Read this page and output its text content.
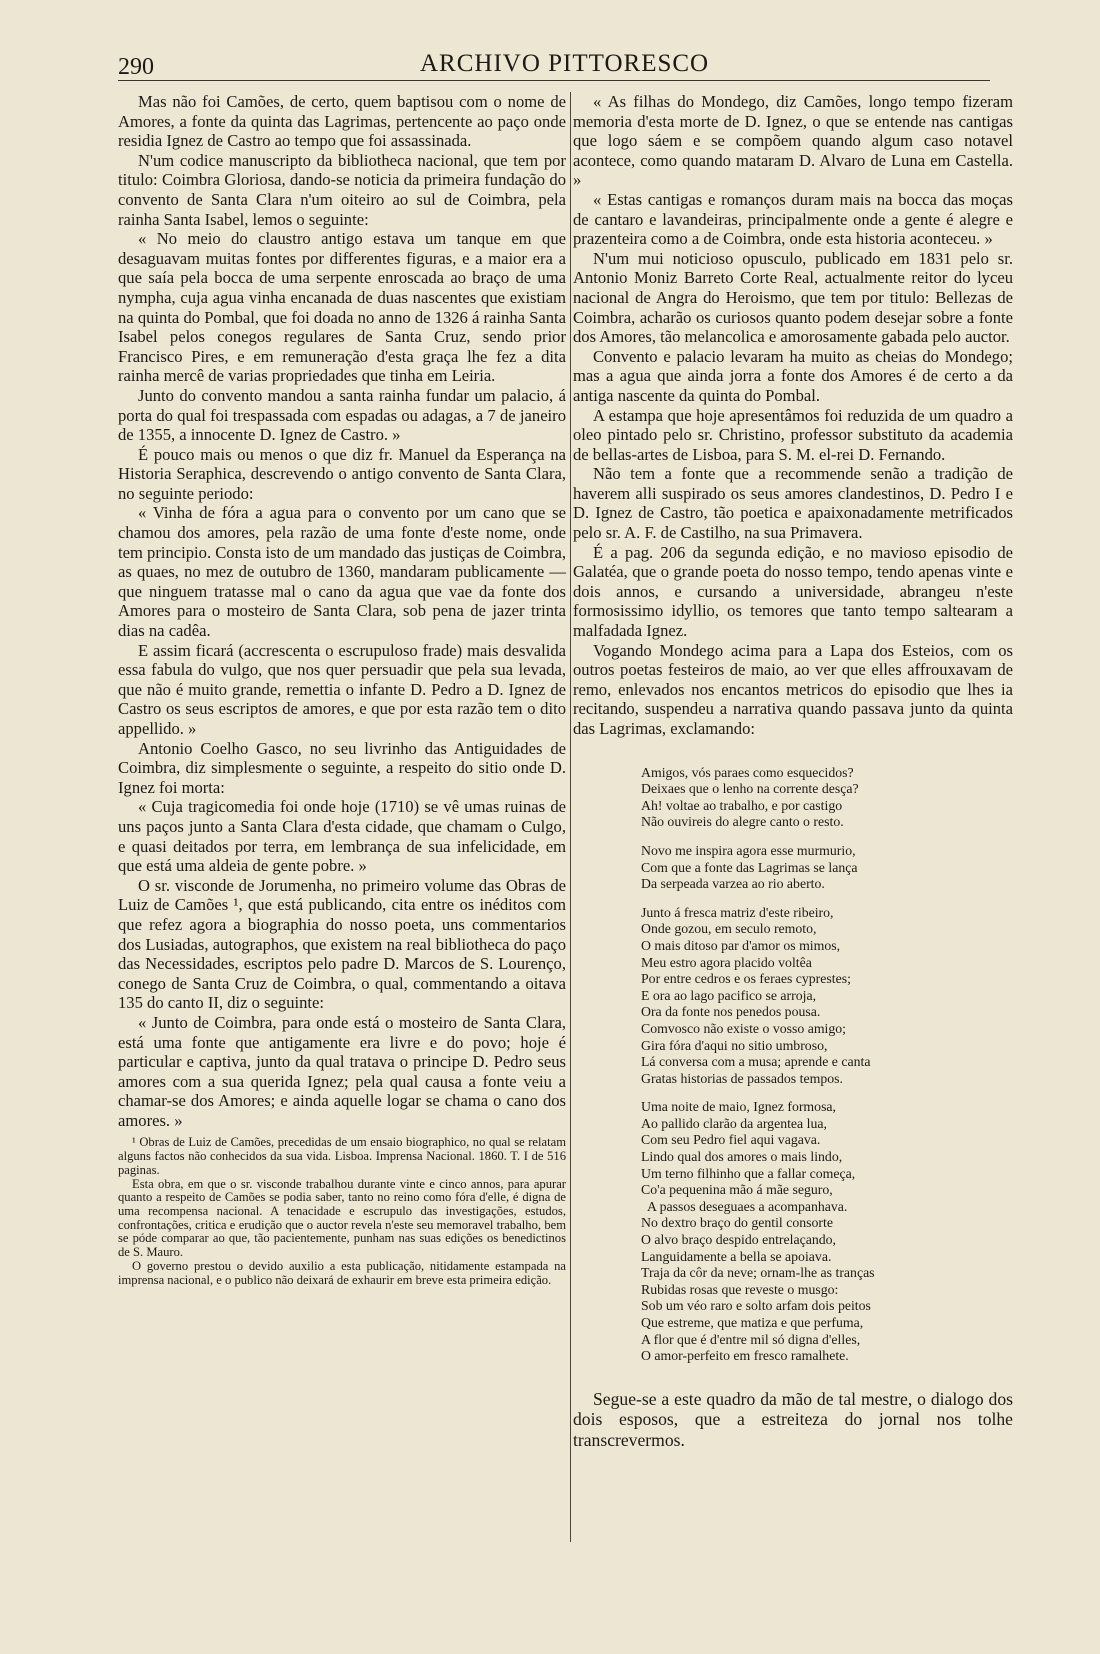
290	ARCHIVO PITTORESCO

Mas não foi Camões, de certo, quem baptisou com o nome de Amores, a fonte da quinta das Lagrimas, pertencente ao paço onde residia Ignez de Castro ao tempo que foi assassinada.

N'um codice manuscripto da bibliotheca nacional, que tem por titulo: Coimbra Gloriosa, dando-se noticia da primeira fundação do convento de Santa Clara n'um oiteiro ao sul de Coimbra, pela rainha Santa Isabel, lemos o seguinte:

« No meio do claustro antigo estava um tanque em que desaguavam muitas fontes por differentes figuras, e a maior era a que saía pela bocca de uma serpente enroscada ao braço de uma nympha, cuja agua vinha encanada de duas nascentes que existiam na quinta do Pombal, que foi doada no anno de 1326 á rainha Santa Isabel pelos conegos regulares de Santa Cruz, sendo prior Francisco Pires, e em remuneração d'esta graça lhe fez a dita rainha mercê de varias propriedades que tinha em Leiria.

Junto do convento mandou a santa rainha fundar um palacio, á porta do qual foi trespassada com espadas ou adagas, a 7 de janeiro de 1355, a innocente D. Ignez de Castro. »

É pouco mais ou menos o que diz fr. Manuel da Esperança na Historia Seraphica, descrevendo o antigo convento de Santa Clara, no seguinte periodo:

« Vinha de fóra a agua para o convento por um cano que se chamou dos amores, pela razão de uma fonte d'este nome, onde tem principio. Consta isto de um mandado das justiças de Coimbra, as quaes, no mez de outubro de 1360, mandaram publicamente — que ninguem tratasse mal o cano da agua que vae da fonte dos Amores para o mosteiro de Santa Clara, sob pena de jazer trinta dias na cadêa.

E assim ficará (accrescenta o escrupuloso frade) mais desvalida essa fabula do vulgo, que nos quer persuadir que pela sua levada, que não é muito grande, remettia o infante D. Pedro a D. Ignez de Castro os seus escriptos de amores, e que por esta razão tem o dito appellido. »

Antonio Coelho Gasco, no seu livrinho das Antiguidades de Coimbra, diz simplesmente o seguinte, a respeito do sitio onde D. Ignez foi morta:

« Cuja tragicomedia foi onde hoje (1710) se vê umas ruinas de uns paços junto a Santa Clara d'esta cidade, que chamam o Culgo, e quasi deitados por terra, em lembrança de sua infelicidade, em que está uma aldeia de gente pobre. »

O sr. visconde de Jorumenha, no primeiro volume das Obras de Luiz de Camões ¹, que está publicando, cita entre os inéditos com que refez agora a biographia do nosso poeta, uns commentarios dos Lusiadas, autographos, que existem na real bibliotheca do paço das Necessidades, escriptos pelo padre D. Marcos de S. Lourenço, conego de Santa Cruz de Coimbra, o qual, commentando a oitava 135 do canto II, diz o seguinte:

« Junto de Coimbra, para onde está o mosteiro de Santa Clara, está uma fonte que antigamente era livre e do povo; hoje é particular e captiva, junto da qual tratava o principe D. Pedro seus amores com a sua querida Ignez; pela qual causa a fonte veiu a chamar-se dos Amores; e ainda aquelle logar se chama o cano dos amores. »

¹ Obras de Luiz de Camões, precedidas de um ensaio biographico, no qual se relatam alguns factos não conhecidos da sua vida. Lisboa. Imprensa Nacional. 1860. T. I de 516 paginas.

Esta obra, em que o sr. visconde trabalhou durante vinte e cinco annos, para apurar quanto a respeito de Camões se podia saber, tanto no reino como fóra d'elle, é digna de uma recompensa nacional. A tenacidade e escrupulo das investigações, estudos, confrontações, critica e erudição que o auctor revela n'este seu memoravel trabalho, bem se póde comparar ao que, tão pacientemente, punham nas suas edições os benedictinos de S. Mauro.

O governo prestou o devido auxilio a esta publicação, nitidamente estampada na imprensa nacional, e o publico não deixará de exhaurir em breve esta primeira edição.

« As filhas do Mondego, diz Camões, longo tempo fizeram memoria d'esta morte de D. Ignez, o que se entende nas cantigas que logo sáem e se compõem quando algum caso notavel acontece, como quando mataram D. Alvaro de Luna em Castella. »

« Estas cantigas e romanços duram mais na bocca das moças de cantaro e lavandeiras, principalmente onde a gente é alegre e prazenteira como a de Coimbra, onde esta historia aconteceu. »

N'um mui noticioso opusculo, publicado em 1831 pelo sr. Antonio Moniz Barreto Corte Real, actualmente reitor do lyceu nacional de Angra do Heroismo, que tem por titulo: Bellezas de Coimbra, acharão os curiosos quanto podem desejar sobre a fonte dos Amores, tão melancolica e amorosamente gabada pelo auctor.

Convento e palacio levaram ha muito as cheias do Mondego; mas a agua que ainda jorra a fonte dos Amores é de certo a da antiga nascente da quinta do Pombal.

A estampa que hoje apresentâmos foi reduzida de um quadro a oleo pintado pelo sr. Christino, professor substituto da academia de bellas-artes de Lisboa, para S. M. el-rei D. Fernando.

Não tem a fonte que a recommende senão a tradição de haverem alli suspirado os seus amores clandestinos, D. Pedro I e D. Ignez de Castro, tão poetica e apaixonadamente metrificados pelo sr. A. F. de Castilho, na sua Primavera.

É a pag. 206 da segunda edição, e no mavioso episodio de Galatéa, que o grande poeta do nosso tempo, tendo apenas vinte e dois annos, e cursando a universidade, abrangeu n'este formosissimo idyllio, os temores que tanto tempo saltearam a malfadada Ignez.

Vogando Mondego acima para a Lapa dos Esteios, com os outros poetas festeiros de maio, ao ver que elles affrouxavam de remo, enlevados nos encantos metricos do episodio que lhes ia recitando, suspendeu a narrativa quando passava junto da quinta das Lagrimas, exclamando:

Amigos, vós paraes como esquecidos?
Deixaes que o lenho na corrente desça?
Ah! voltae ao trabalho, e por castigo
Não ouvireis do alegre canto o resto.
Novo me inspira agora esse murmurio,
Com que a fonte das Lagrimas se lança
Da serpeada varzea ao rio aberto.
Junto á fresca matriz d'este ribeiro,
Onde gozou, em seculo remoto,
O mais ditoso par d'amor os mimos,
Meu estro agora placido voltêa
Por entre cedros e os feraes cyprestes;
E ora ao lago pacifico se arroja,
Ora da fonte nos penedos pousa.
Comvosco não existe o vosso amigo;
Gira fóra d'aqui no sitio umbroso,
Lá conversa com a musa; aprende e canta
Gratas historias de passados tempos.
Uma noite de maio, Ignez formosa,
Ao pallido clarão da argentea lua,
Com seu Pedro fiel aqui vagava.
Lindo qual dos amores o mais lindo,
Um terno filhinho que a fallar começa,
Co'a pequenina mão á mãe seguro,
A passos deseguaes a acompanhava.
No dextro braço do gentil consorte
O alvo braço despido entrelaçando,
Languidamente a bella se apoiava.
Traja da côr da neve; ornam-lhe as tranças
Rubidas rosas que reveste o musgo:
Sob um véo raro e solto arfam dois peitos
Que estreme, que matiza e que perfuma,
A flor que é d'entre mil só digna d'elles,
O amor-perfeito em fresco ramalhete.

Segue-se a este quadro da mão de tal mestre, o dialogo dos dois esposos, que a estreiteza do jornal nos tolhe transcrevermos.
